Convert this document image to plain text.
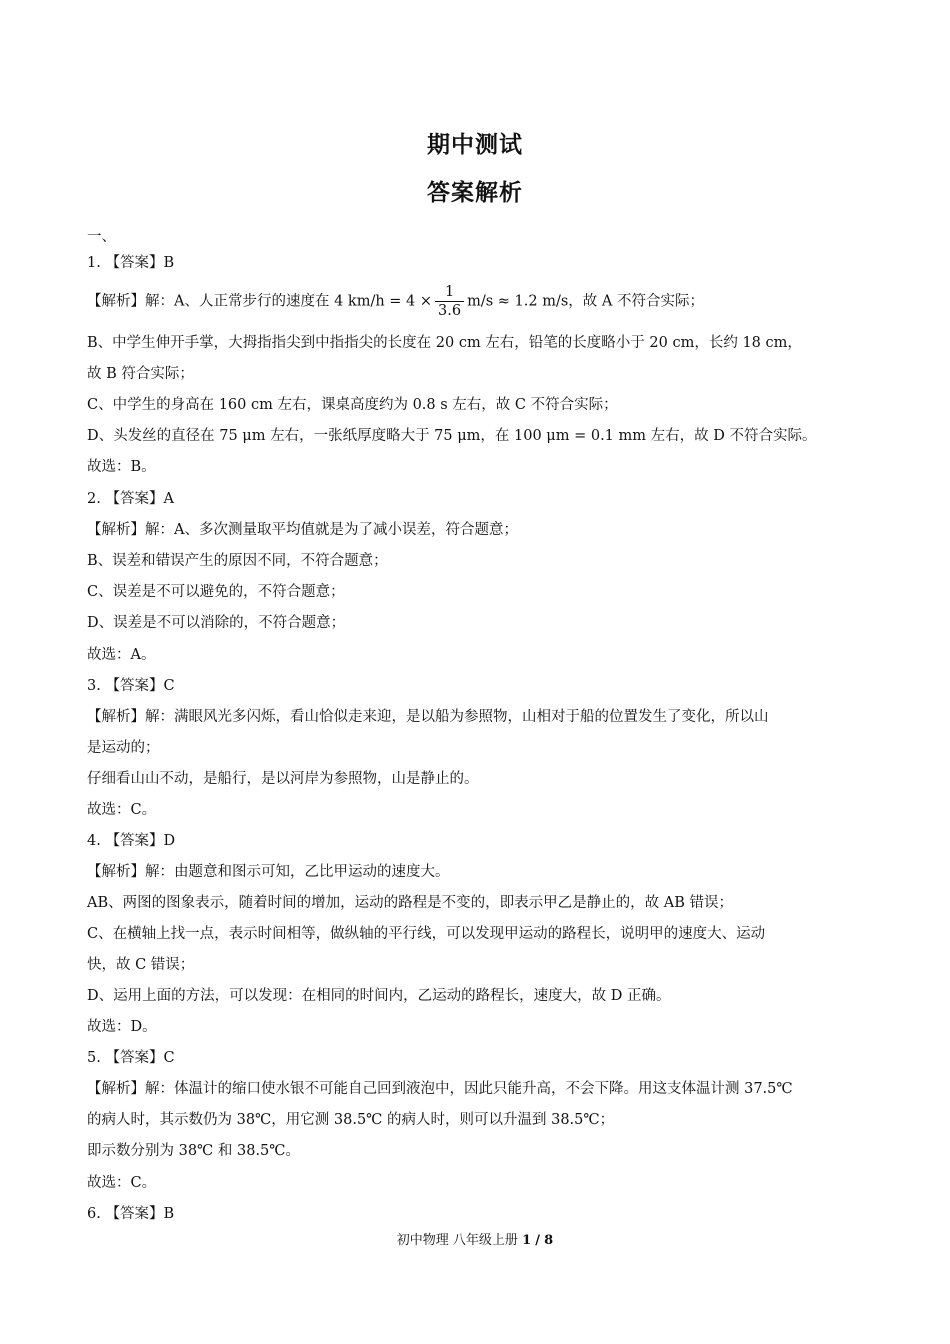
期中测试
答案解析
一、
1. 【答案】B
【解析】解：A、人正常步行的速度在 4 $km/h = 4 \times \frac{1}{3.6} m/s \approx 1.2$ m/s，故 A 不符合实际；
B、中学生伸开手掌，大拇指指尖到中指指尖的长度在 20 cm 左右，铅笔的长度略小于 20 cm，长约 18 cm，
故 B 符合实际；
C、中学生的身高在 160 cm 左右，课桌高度约为 0.8 s 左右，故 C 不符合实际；
D、头发丝的直径在 75 μm 左右，一张纸厚度略大于 75 μm，在 100 μm = 0.1 mm 左右，故 D 不符合实际。
故选：B。
2. 【答案】A
【解析】解：A、多次测量取平均值就是为了减小误差，符合题意；
B、误差和错误产生的原因不同，不符合题意；
C、误差是不可以避免的，不符合题意；
D、误差是不可以消除的，不符合题意；
故选：A。
3. 【答案】C
【解析】解：满眼风光多闪烁，看山恰似走来迎，是以船为参照物，山相对于船的位置发生了变化，所以山
是运动的；
仔细看山山不动，是船行，是以河岸为参照物，山是静止的。
故选：C。
4. 【答案】D
【解析】解：由题意和图示可知，乙比甲运动的速度大。
AB、两图的图象表示，随着时间的增加，运动的路程是不变的，即表示甲乙是静止的，故 AB 错误；
C、在横轴上找一点，表示时间相等，做纵轴的平行线，可以发现甲运动的路程长，说明甲的速度大、运动
快，故 C 错误；
D、运用上面的方法，可以发现：在相同的时间内，乙运动的路程长，速度大，故 D 正确。
故选：D。
5. 【答案】C
【解析】解：体温计的缩口使水银不可能自己回到液泡中，因此只能升高，不会下降。用这支体温计测 37.5℃
的病人时，其示数仍为 38℃，用它测 38.5℃ 的病人时，则可以升温到 38.5℃；
即示数分别为 38℃ 和 38.5℃。
故选：C。
6. 【答案】B
初中物理 八年级上册 1 / 8
